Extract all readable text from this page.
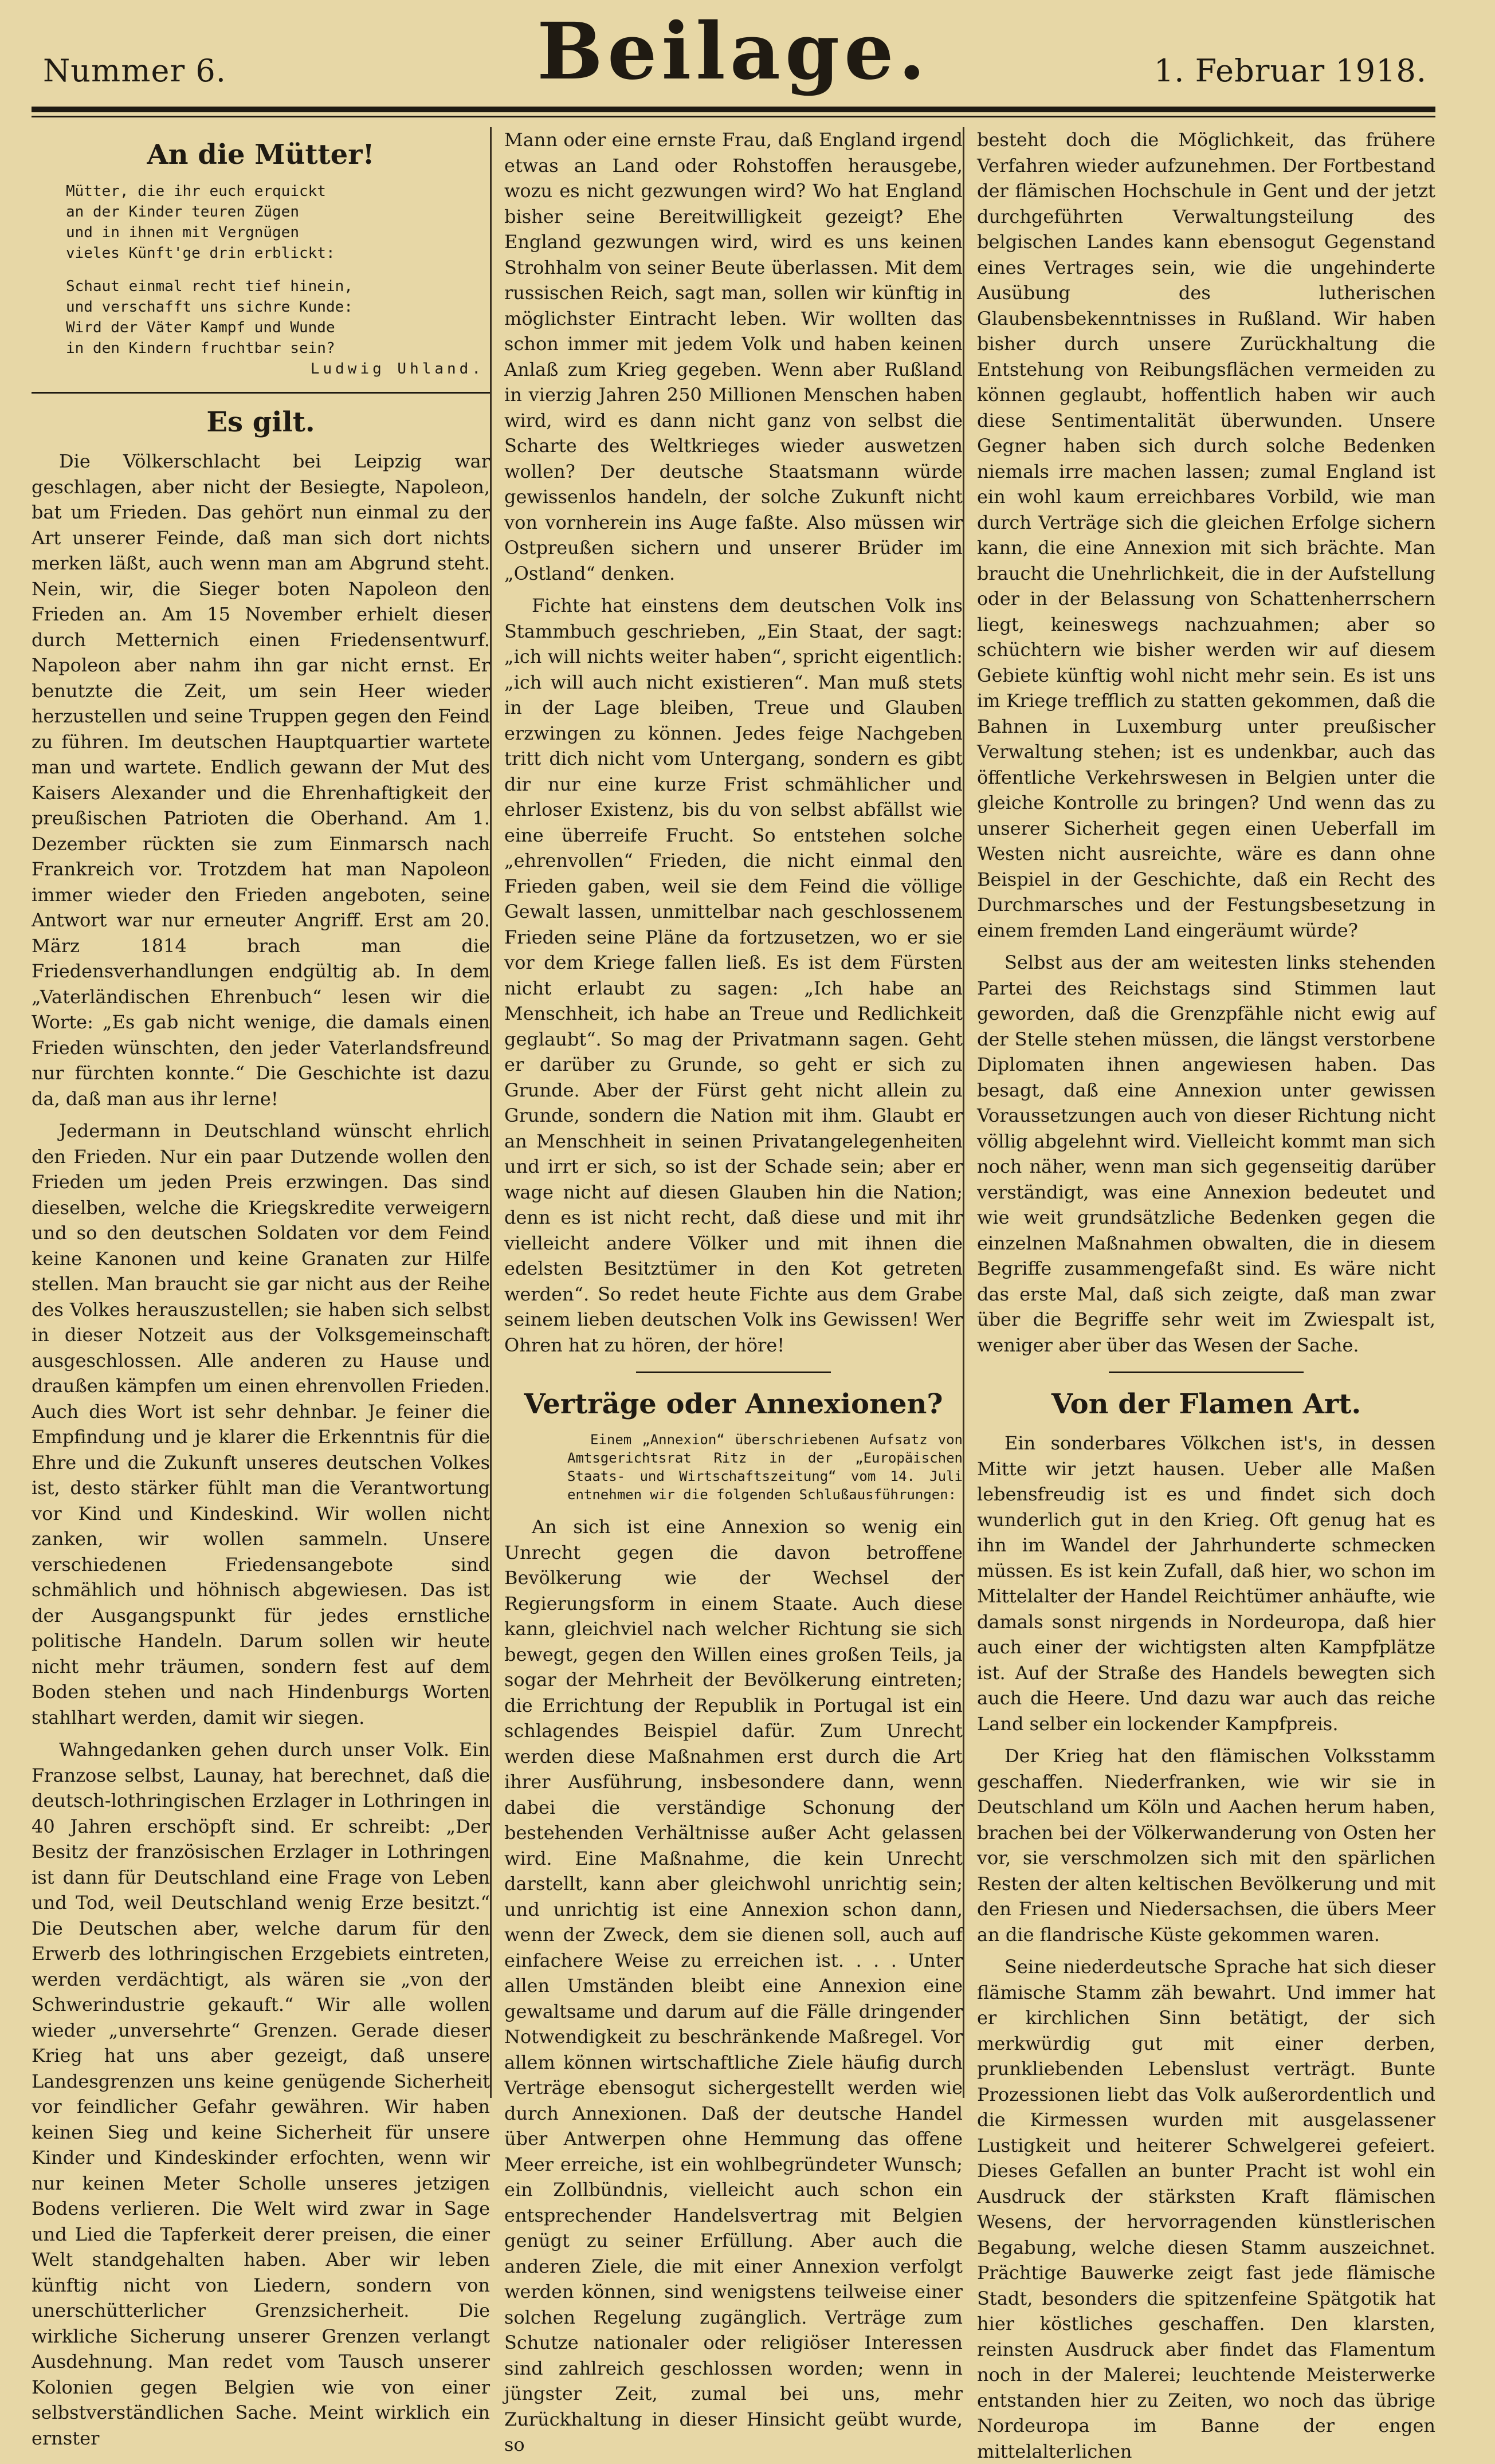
Nummer 6.	Beilage.	1. Februar 1918.
An die Mütter!
Mütter, die ihr euch erquickt
an der Kinder teuren Zügen
und in ihnen mit Vergnügen
vieles Künft'ge drin erblickt:
Schaut einmal recht tief hinein,
und verschafft uns sichre Kunde:
Wird der Väter Kampf und Wunde
in den Kindern fruchtbar sein?
Ludwig Uhland.
Es gilt.

Die Völkerschlacht bei Leipzig war geschlagen, aber nicht der Besiegte, Napoleon, bat um Frieden. Das gehört nun einmal zu der Art unserer Feinde, daß man sich dort nichts merken läßt, auch wenn man am Abgrund steht. Nein, wir, die Sieger boten Napoleon den Frieden an. Am 15 November erhielt dieser durch Metternich einen Friedensentwurf. Napoleon aber nahm ihn gar nicht ernst. Er benutzte die Zeit, um sein Heer wieder herzustellen und seine Truppen gegen den Feind zu führen. Im deutschen Hauptquartier wartete man und wartete. Endlich gewann der Mut des Kaisers Alexander und die Ehrenhaftigkeit der preußischen Patrioten die Oberhand. Am 1. Dezember rückten sie zum Einmarsch nach Frankreich vor. Trotzdem hat man Napoleon immer wieder den Frieden angeboten, seine Antwort war nur erneuter Angriff. Erst am 20. März 1814 brach man die Friedensverhandlungen endgültig ab. In dem „Vaterländischen Ehrenbuch“ lesen wir die Worte: „Es gab nicht wenige, die damals einen Frieden wünschten, den jeder Vaterlandsfreund nur fürchten konnte.“ Die Geschichte ist dazu da, daß man aus ihr lerne!

Jedermann in Deutschland wünscht ehrlich den Frieden. Nur ein paar Dutzende wollen den Frieden um jeden Preis erzwingen. Das sind dieselben, welche die Kriegskredite verweigern und so den deutschen Soldaten vor dem Feind keine Kanonen und keine Granaten zur Hilfe stellen. Man braucht sie gar nicht aus der Reihe des Volkes herauszustellen; sie haben sich selbst in dieser Notzeit aus der Volksgemeinschaft ausgeschlossen. Alle anderen zu Hause und draußen kämpfen um einen ehrenvollen Frieden. Auch dies Wort ist sehr dehnbar. Je feiner die Empfindung und je klarer die Erkenntnis für die Ehre und die Zukunft unseres deutschen Volkes ist, desto stärker fühlt man die Verantwortung vor Kind und Kindeskind. Wir wollen nicht zanken, wir wollen sammeln. Unsere verschiedenen Friedensangebote sind schmählich und höhnisch abgewiesen. Das ist der Ausgangspunkt für jedes ernstliche politische Handeln. Darum sollen wir heute nicht mehr träumen, sondern fest auf dem Boden stehen und nach Hindenburgs Worten stahlhart werden, damit wir siegen.

Wahngedanken gehen durch unser Volk. Ein Franzose selbst, Launay, hat berechnet, daß die deutsch-lothringischen Erzlager in Lothringen in 40 Jahren erschöpft sind. Er schreibt: „Der Besitz der französischen Erzlager in Lothringen ist dann für Deutschland eine Frage von Leben und Tod, weil Deutschland wenig Erze besitzt.“ Die Deutschen aber, welche darum für den Erwerb des lothringischen Erzgebiets eintreten, werden verdächtigt, als wären sie „von der Schwerindustrie gekauft.“ Wir alle wollen wieder „unversehrte“ Grenzen. Gerade dieser Krieg hat uns aber gezeigt, daß unsere Landesgrenzen uns keine genügende Sicherheit vor feindlicher Gefahr gewähren. Wir haben keinen Sieg und keine Sicherheit für unsere Kinder und Kindeskinder erfochten, wenn wir nur keinen Meter Scholle unseres jetzigen Bodens verlieren. Die Welt wird zwar in Sage und Lied die Tapferkeit derer preisen, die einer Welt standgehalten haben. Aber wir leben künftig nicht von Liedern, sondern von unerschütterlicher Grenzsicherheit. Die wirkliche Sicherung unserer Grenzen verlangt Ausdehnung. Man redet vom Tausch unserer Kolonien gegen Belgien wie von einer selbstverständlichen Sache. Meint wirklich ein ernster

Mann oder eine ernste Frau, daß England irgend etwas an Land oder Rohstoffen herausgebe, wozu es nicht gezwungen wird? Wo hat England bisher seine Bereitwilligkeit gezeigt? Ehe England gezwungen wird, wird es uns keinen Strohhalm von seiner Beute überlassen. Mit dem russischen Reich, sagt man, sollen wir künftig in möglichster Eintracht leben. Wir wollten das schon immer mit jedem Volk und haben keinen Anlaß zum Krieg gegeben. Wenn aber Rußland in vierzig Jahren 250 Millionen Menschen haben wird, wird es dann nicht ganz von selbst die Scharte des Weltkrieges wieder auswetzen wollen? Der deutsche Staatsmann würde gewissenlos handeln, der solche Zukunft nicht von vornherein ins Auge faßte. Also müssen wir Ostpreußen sichern und unserer Brüder im „Ostland“ denken.

Fichte hat einstens dem deutschen Volk ins Stammbuch geschrieben, „Ein Staat, der sagt: „ich will nichts weiter haben“, spricht eigentlich: „ich will auch nicht existieren“. Man muß stets in der Lage bleiben, Treue und Glauben erzwingen zu können. Jedes feige Nachgeben tritt dich nicht vom Untergang, sondern es gibt dir nur eine kurze Frist schmählicher und ehrloser Existenz, bis du von selbst abfällst wie eine überreife Frucht. So entstehen solche „ehrenvollen“ Frieden, die nicht einmal den Frieden gaben, weil sie dem Feind die völlige Gewalt lassen, unmittelbar nach geschlossenem Frieden seine Pläne da fortzusetzen, wo er sie vor dem Kriege fallen ließ. Es ist dem Fürsten nicht erlaubt zu sagen: „Ich habe an Menschheit, ich habe an Treue und Redlichkeit geglaubt“. So mag der Privatmann sagen. Geht er darüber zu Grunde, so geht er sich zu Grunde. Aber der Fürst geht nicht allein zu Grunde, sondern die Nation mit ihm. Glaubt er an Menschheit in seinen Privatangelegenheiten und irrt er sich, so ist der Schade sein; aber er wage nicht auf diesen Glauben hin die Nation; denn es ist nicht recht, daß diese und mit ihr vielleicht andere Völker und mit ihnen die edelsten Besitztümer in den Kot getreten werden“. So redet heute Fichte aus dem Grabe seinem lieben deutschen Volk ins Gewissen! Wer Ohren hat zu hören, der höre!

Verträge oder Annexionen?
Einem „Annexion“ überschriebenen Aufsatz von Amtsgerichtsrat Ritz in der „Europäischen Staats- und Wirtschaftszeitung“ vom 14. Juli entnehmen wir die folgenden Schlußausführungen:

An sich ist eine Annexion so wenig ein Unrecht gegen die davon betroffene Bevölkerung wie der Wechsel der Regierungsform in einem Staate. Auch diese kann, gleichviel nach welcher Richtung sie sich bewegt, gegen den Willen eines großen Teils, ja sogar der Mehrheit der Bevölkerung eintreten; die Errichtung der Republik in Portugal ist ein schlagendes Beispiel dafür. Zum Unrecht werden diese Maßnahmen erst durch die Art ihrer Ausführung, insbesondere dann, wenn dabei die verständige Schonung der bestehenden Verhältnisse außer Acht gelassen wird. Eine Maßnahme, die kein Unrecht darstellt, kann aber gleichwohl unrichtig sein; und unrichtig ist eine Annexion schon dann, wenn der Zweck, dem sie dienen soll, auch auf einfachere Weise zu erreichen ist. . . . Unter allen Umständen bleibt eine Annexion eine gewaltsame und darum auf die Fälle dringender Notwendigkeit zu beschränkende Maßregel. Vor allem können wirtschaftliche Ziele häufig durch Verträge ebensogut sichergestellt werden wie durch Annexionen. Daß der deutsche Handel über Antwerpen ohne Hemmung das offene Meer erreiche, ist ein wohlbegründeter Wunsch; ein Zollbündnis, vielleicht auch schon ein entsprechender Handelsvertrag mit Belgien genügt zu seiner Erfüllung. Aber auch die anderen Ziele, die mit einer Annexion verfolgt werden können, sind wenigstens teilweise einer solchen Regelung zugänglich. Verträge zum Schutze nationaler oder religiöser Interessen sind zahlreich geschlossen worden; wenn in jüngster Zeit, zumal bei uns, mehr Zurückhaltung in dieser Hinsicht geübt wurde, so

besteht doch die Möglichkeit, das frühere Verfahren wieder aufzunehmen. Der Fortbestand der flämischen Hochschule in Gent und der jetzt durchgeführten Verwaltungsteilung des belgischen Landes kann ebensogut Gegenstand eines Vertrages sein, wie die ungehinderte Ausübung des lutherischen Glaubensbekenntnisses in Rußland. Wir haben bisher durch unsere Zurückhaltung die Entstehung von Reibungsflächen vermeiden zu können geglaubt, hoffentlich haben wir auch diese Sentimentalität überwunden. Unsere Gegner haben sich durch solche Bedenken niemals irre machen lassen; zumal England ist ein wohl kaum erreichbares Vorbild, wie man durch Verträge sich die gleichen Erfolge sichern kann, die eine Annexion mit sich brächte. Man braucht die Unehrlichkeit, die in der Aufstellung oder in der Belassung von Schattenherrschern liegt, keineswegs nachzuahmen; aber so schüchtern wie bisher werden wir auf diesem Gebiete künftig wohl nicht mehr sein. Es ist uns im Kriege trefflich zu statten gekommen, daß die Bahnen in Luxemburg unter preußischer Verwaltung stehen; ist es undenkbar, auch das öffentliche Verkehrswesen in Belgien unter die gleiche Kontrolle zu bringen? Und wenn das zu unserer Sicherheit gegen einen Ueberfall im Westen nicht ausreichte, wäre es dann ohne Beispiel in der Geschichte, daß ein Recht des Durchmarsches und der Festungsbesetzung in einem fremden Land eingeräumt würde?

Selbst aus der am weitesten links stehenden Partei des Reichstags sind Stimmen laut geworden, daß die Grenzpfähle nicht ewig auf der Stelle stehen müssen, die längst verstorbene Diplomaten ihnen angewiesen haben. Das besagt, daß eine Annexion unter gewissen Voraussetzungen auch von dieser Richtung nicht völlig abgelehnt wird. Vielleicht kommt man sich noch näher, wenn man sich gegenseitig darüber verständigt, was eine Annexion bedeutet und wie weit grundsätzliche Bedenken gegen die einzelnen Maßnahmen obwalten, die in diesem Begriffe zusammengefaßt sind. Es wäre nicht das erste Mal, daß sich zeigte, daß man zwar über die Begriffe sehr weit im Zwiespalt ist, weniger aber über das Wesen der Sache.

Von der Flamen Art.

Ein sonderbares Völkchen ist's, in dessen Mitte wir jetzt hausen. Ueber alle Maßen lebensfreudig ist es und findet sich doch wunderlich gut in den Krieg. Oft genug hat es ihn im Wandel der Jahrhunderte schmecken müssen. Es ist kein Zufall, daß hier, wo schon im Mittelalter der Handel Reichtümer anhäufte, wie damals sonst nirgends in Nordeuropa, daß hier auch einer der wichtigsten alten Kampfplätze ist. Auf der Straße des Handels bewegten sich auch die Heere. Und dazu war auch das reiche Land selber ein lockender Kampfpreis.

Der Krieg hat den flämischen Volksstamm geschaffen. Niederfranken, wie wir sie in Deutschland um Köln und Aachen herum haben, brachen bei der Völkerwanderung von Osten her vor, sie verschmolzen sich mit den spärlichen Resten der alten keltischen Bevölkerung und mit den Friesen und Niedersachsen, die übers Meer an die flandrische Küste gekommen waren.

Seine niederdeutsche Sprache hat sich dieser flämische Stamm zäh bewahrt. Und immer hat er kirchlichen Sinn betätigt, der sich merkwürdig gut mit einer derben, prunkliebenden Lebenslust verträgt. Bunte Prozessionen liebt das Volk außerordentlich und die Kirmessen wurden mit ausgelassener Lustigkeit und heiterer Schwelgerei gefeiert. Dieses Gefallen an bunter Pracht ist wohl ein Ausdruck der stärksten Kraft flämischen Wesens, der hervorragenden künstlerischen Begabung, welche diesen Stamm auszeichnet. Prächtige Bauwerke zeigt fast jede flämische Stadt, besonders die spitzenfeine Spätgotik hat hier köstliches geschaffen. Den klarsten, reinsten Ausdruck aber findet das Flamentum noch in der Malerei; leuchtende Meisterwerke entstanden hier zu Zeiten, wo noch das übrige Nordeuropa im Banne der engen mittelalterlichen
